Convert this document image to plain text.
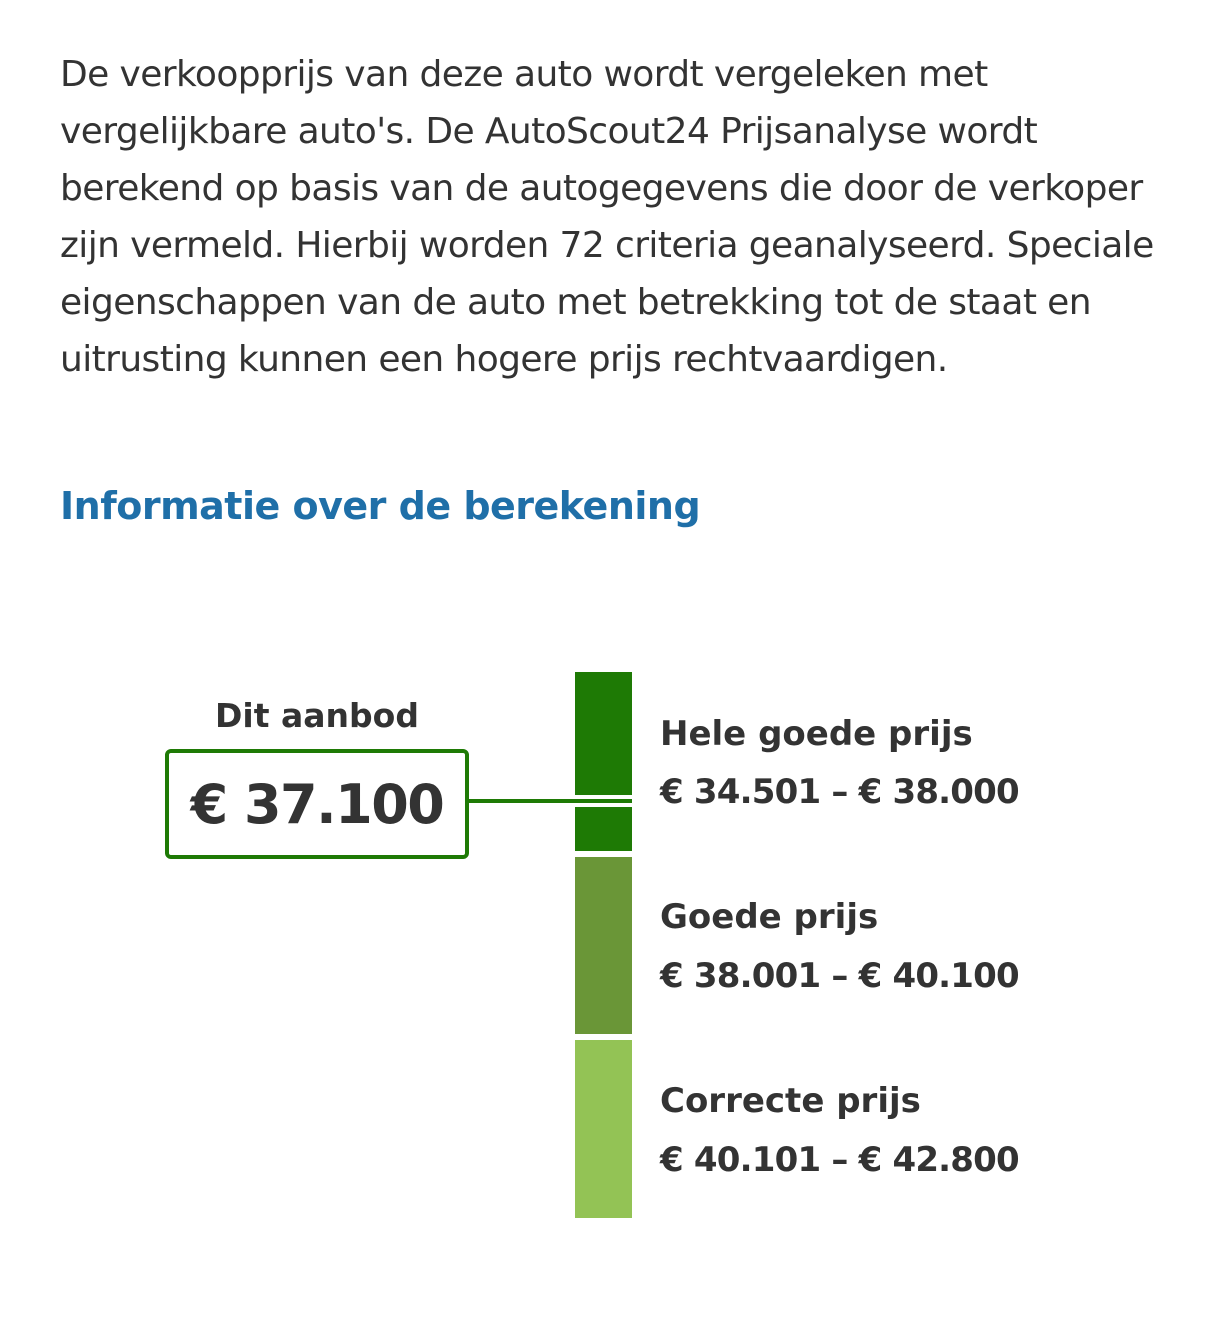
De verkoopprijs van deze auto wordt vergeleken met vergelijkbare auto's. De AutoScout24 Prijsanalyse wordt berekend op basis van de autogegevens die door de verkoper zijn vermeld. Hierbij worden 72 criteria geanalyseerd. Speciale eigenschappen van de auto met betrekking tot de staat en uitrusting kunnen een hogere prijs rechtvaardigen.

Informatie over de berekening
Dit aanbod
€ 37.100
Hele goede prijs
€ 34.501 – € 38.000
Goede prijs
€ 38.001 – € 40.100
Correcte prijs
€ 40.101 – € 42.800
